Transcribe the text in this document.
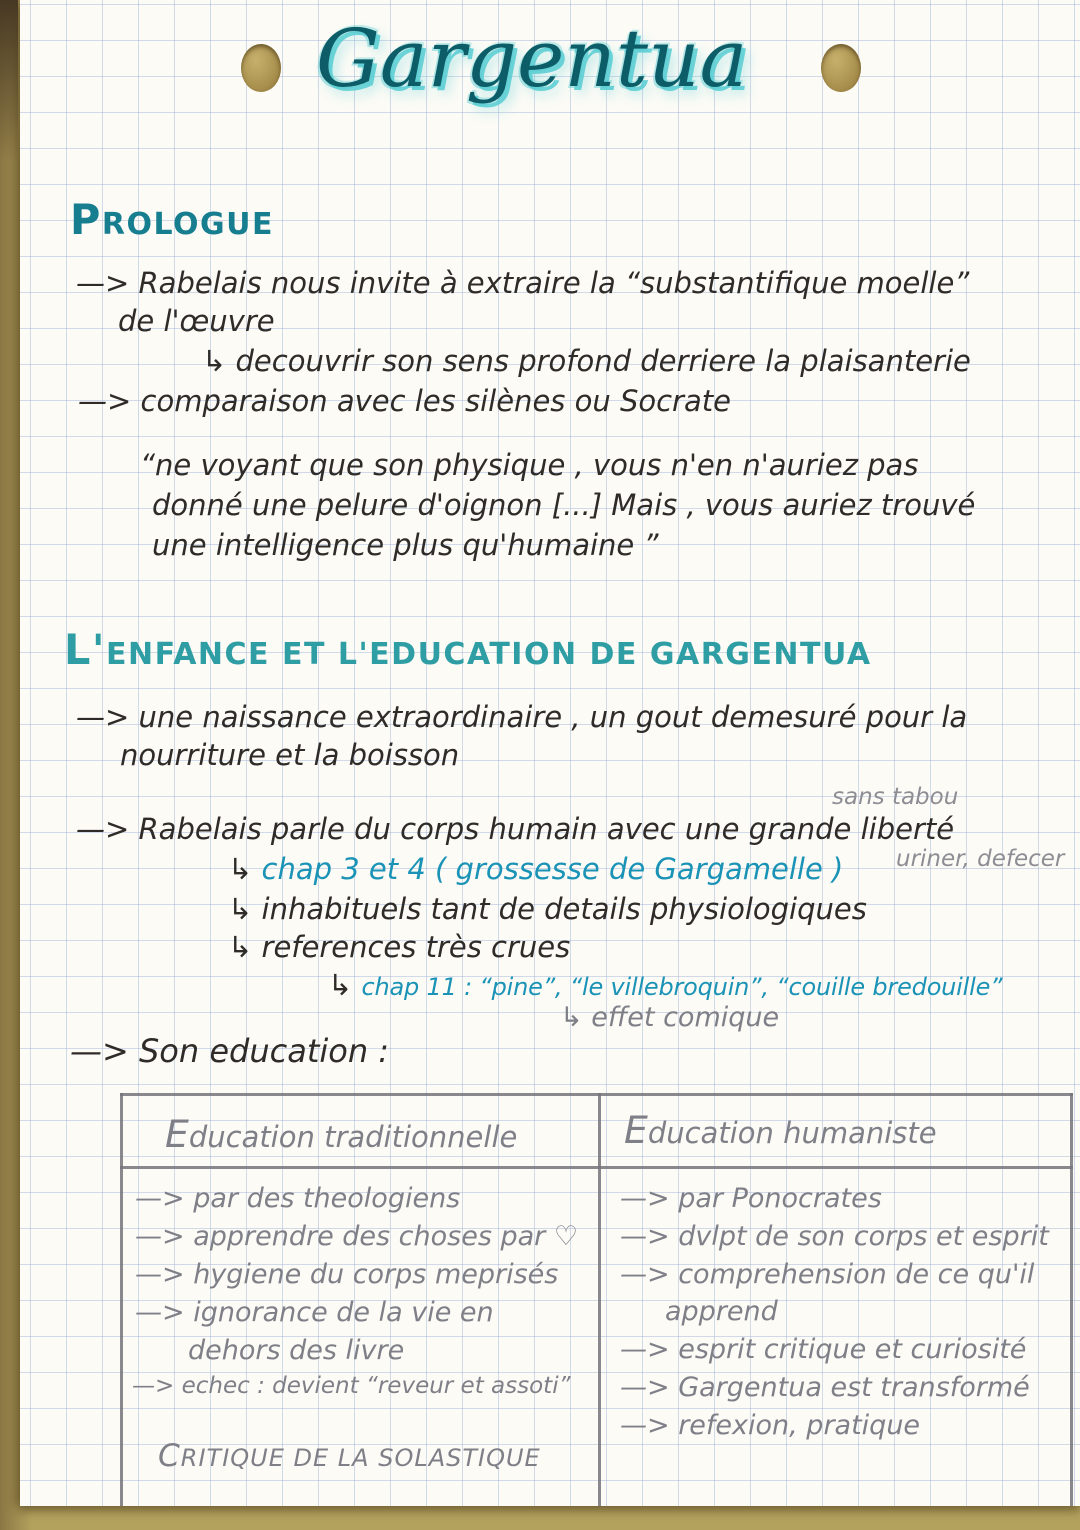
Gargentua
PROLOGUE
—> Rabelais nous invite à extraire la “substantifique moelle”
de l'œuvre
↳ decouvrir son sens profond derriere la plaisanterie
—> comparaison avec les silènes ou Socrate
“ne voyant que son physique , vous n'en n'auriez pas
donné une pelure d'oignon [...] Mais , vous auriez trouvé
une intelligence plus qu'humaine ”
L'ENFANCE ET L'EDUCATION DE GARGENTUA
—> une naissance extraordinaire , un gout demesuré pour la
nourriture et la boisson
sans tabou
—> Rabelais parle du corps humain avec une grande liberté
uriner, defecer
↳ chap 3 et 4 ( grossesse de Gargamelle )
↳ inhabituels tant de details physiologiques
↳ references très crues
↳ chap 11 : “pine”, “le villebroquin”, “couille bredouille”
↳ effet comique
—> Son education :
Education traditionnelle	Education humaniste
—> par des theologiens
—> apprendre des choses par ♡
—> hygiene du corps meprisés
—> ignorance de la vie en
dehors des livre
—> echec : devient “reveur et assoti”
CRITIQUE DE LA SOLASTIQUE
—> par Ponocrates
—> dvlpt de son corps et esprit
—> comprehension de ce qu'il
apprend
—> esprit critique et curiosité
—> Gargentua est transformé
—> refexion, pratique
